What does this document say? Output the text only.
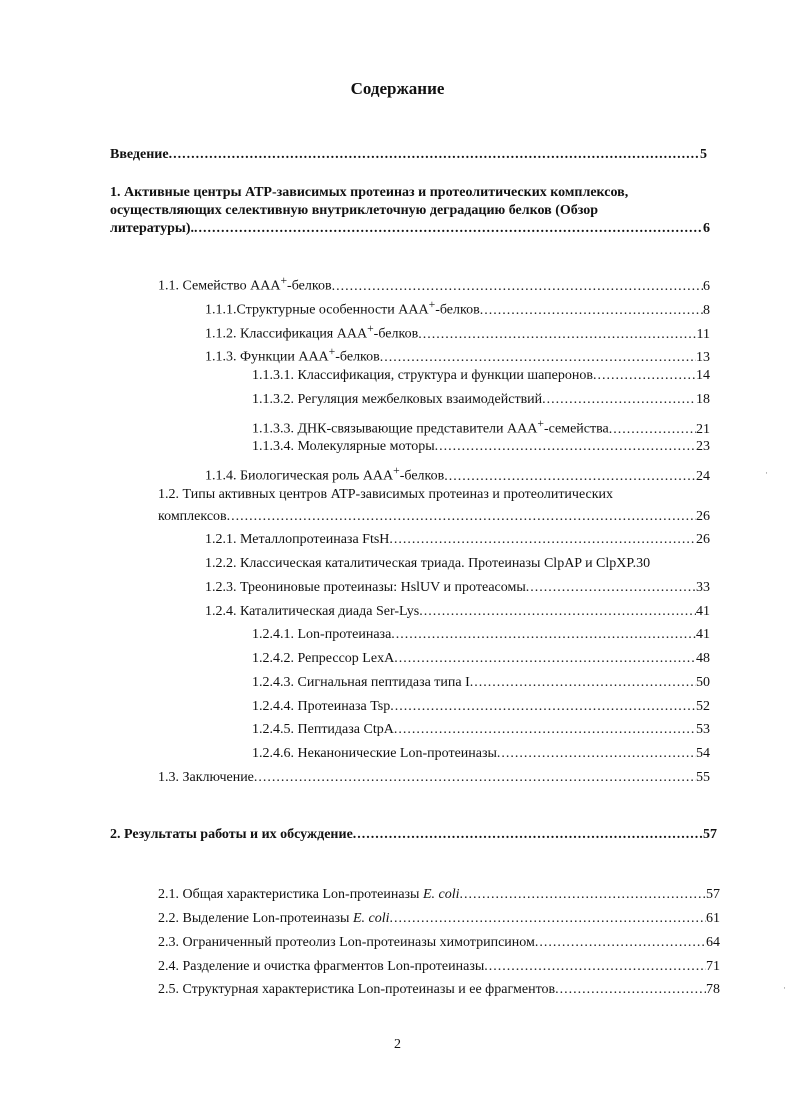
Содержание
Введение .....	5
1. Активные центры ATP-зависимых протеиназ и протеолитических комплексов,
осуществляющих селективную внутриклеточную деградацию белков (Обзор
литературы). .....	6
1.1. Семейство AAA+-белков .....	6
1.1.1.Структурные особенности AAA+-белков .....	8
1.1.2. Классификация AAA+-белков .....	11
1.1.3. Функции AAA+-белков .....	13
1.1.3.1. Классификация, структура и функции шаперонов .....	14
1.1.3.2. Регуляция межбелковых взаимодействий .....	18
1.1.3.3. ДНК-связывающие представители AAA+-семейства .....	21
1.1.3.4. Молекулярные моторы .....	23
1.1.4. Биологическая роль AAA+-белков .....	24
1.2. Типы активных центров ATP-зависимых протеиназ и протеолитических
комплексов .....	26
1.2.1. Металлопротеиназа FtsH .....	26
1.2.2. Классическая каталитическая триада. Протеиназы ClpAP и ClpXP. 30
1.2.3. Треониновые протеиназы: HslUV и протеасомы .....	33
1.2.4. Каталитическая диада Ser-Lys .....	41
1.2.4.1. Lon-протеиназа .....	41
1.2.4.2. Репрессор LexA .....	48
1.2.4.3. Сигнальная пептидаза типа I .....	50
1.2.4.4. Протеиназа Tsp .....	52
1.2.4.5. Пептидаза CtpA .....	53
1.2.4.6. Неканонические Lon-протеиназы .....	54
1.3. Заключение .....	55
2. Результаты работы и их обсуждение .....	57
2.1. Общая характеристика Lon-протеиназы E. coli .....	57
2.2. Выделение Lon-протеиназы E. coli .....	61
2.3. Ограниченный протеолиз Lon-протеиназы химотрипсином .....	64
2.4. Разделение и очистка фрагментов Lon-протеиназы .....	71
2.5. Структурная характеристика Lon-протеиназы и ее фрагментов .....	78
2
·
·
